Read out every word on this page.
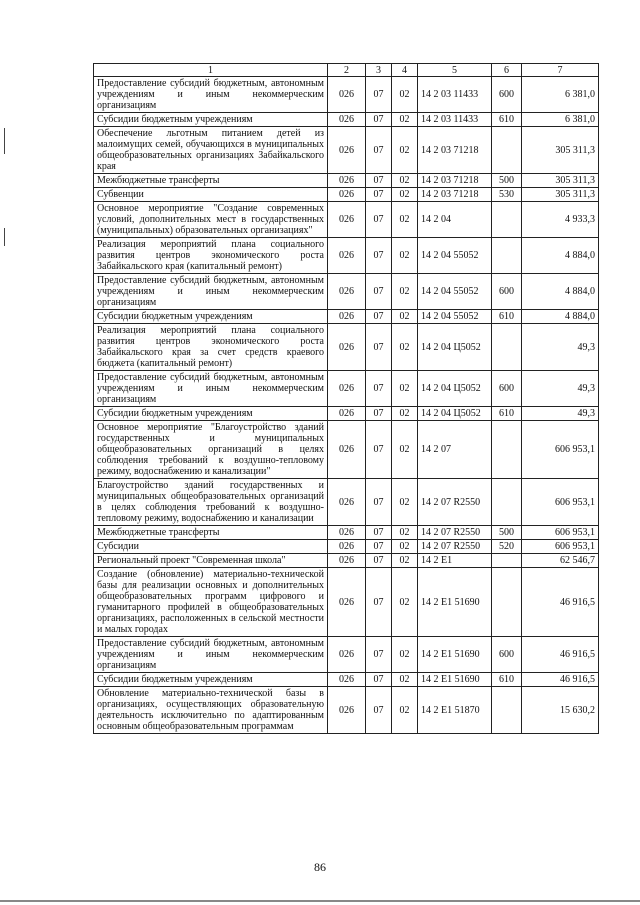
1	2	3	4	5	6	7
Предоставление субсидий бюджетным, автономным учреждениям и иным некоммерческим организациям	026	07	02	14 2 03 11433	600	6 381,0
Субсидии бюджетным учреждениям	026	07	02	14 2 03 11433	610	6 381,0
Обеспечение льготным питанием детей из малоимущих семей, обучающихся в муниципальных общеобразовательных организациях Забайкальского края	026	07	02	14 2 03 71218		305 311,3
Межбюджетные трансферты	026	07	02	14 2 03 71218	500	305 311,3
Субвенции	026	07	02	14 2 03 71218	530	305 311,3
Основное мероприятие "Создание современных условий, дополнительных мест в государственных (муниципальных) образовательных организациях"	026	07	02	14 2 04		4 933,3
Реализация мероприятий плана социального развития центров экономического роста Забайкальского края (капитальный ремонт)	026	07	02	14 2 04 55052		4 884,0
Предоставление субсидий бюджетным, автономным учреждениям и иным некоммерческим организациям	026	07	02	14 2 04 55052	600	4 884,0
Субсидии бюджетным учреждениям	026	07	02	14 2 04 55052	610	4 884,0
Реализация мероприятий плана социального развития центров экономического роста Забайкальского края за счет средств краевого бюджета (капитальный ремонт)	026	07	02	14 2 04 Ц5052		49,3
Предоставление субсидий бюджетным, автономным учреждениям и иным некоммерческим организациям	026	07	02	14 2 04 Ц5052	600	49,3
Субсидии бюджетным учреждениям	026	07	02	14 2 04 Ц5052	610	49,3
Основное мероприятие "Благоустройство зданий государственных и муниципальных общеобразовательных организаций в целях соблюдения требований к воздушно-тепловому режиму, водоснабжению и канализации"	026	07	02	14 2 07		606 953,1
Благоустройство зданий государственных и муниципальных общеобразовательных организаций в целях соблюдения требований к воздушно-тепловому режиму, водоснабжению и канализации	026	07	02	14 2 07 R2550		606 953,1
Межбюджетные трансферты	026	07	02	14 2 07 R2550	500	606 953,1
Субсидии	026	07	02	14 2 07 R2550	520	606 953,1
Региональный проект "Современная школа"	026	07	02	14 2 E1		62 546,7
Создание (обновление) материально-технической базы для реализации основных и дополнительных общеобразовательных программ цифрового и гуманитарного профилей в общеобразовательных организациях, расположенных в сельской местности и малых городах	026	07	02	14 2 E1 51690		46 916,5
Предоставление субсидий бюджетным, автономным учреждениям и иным некоммерческим организациям	026	07	02	14 2 E1 51690	600	46 916,5
Субсидии бюджетным учреждениям	026	07	02	14 2 E1 51690	610	46 916,5
Обновление материально-технической базы в организациях, осуществляющих образовательную деятельность исключительно по адаптированным основным общеобразовательным программам	026	07	02	14 2 E1 51870		15 630,2
86
